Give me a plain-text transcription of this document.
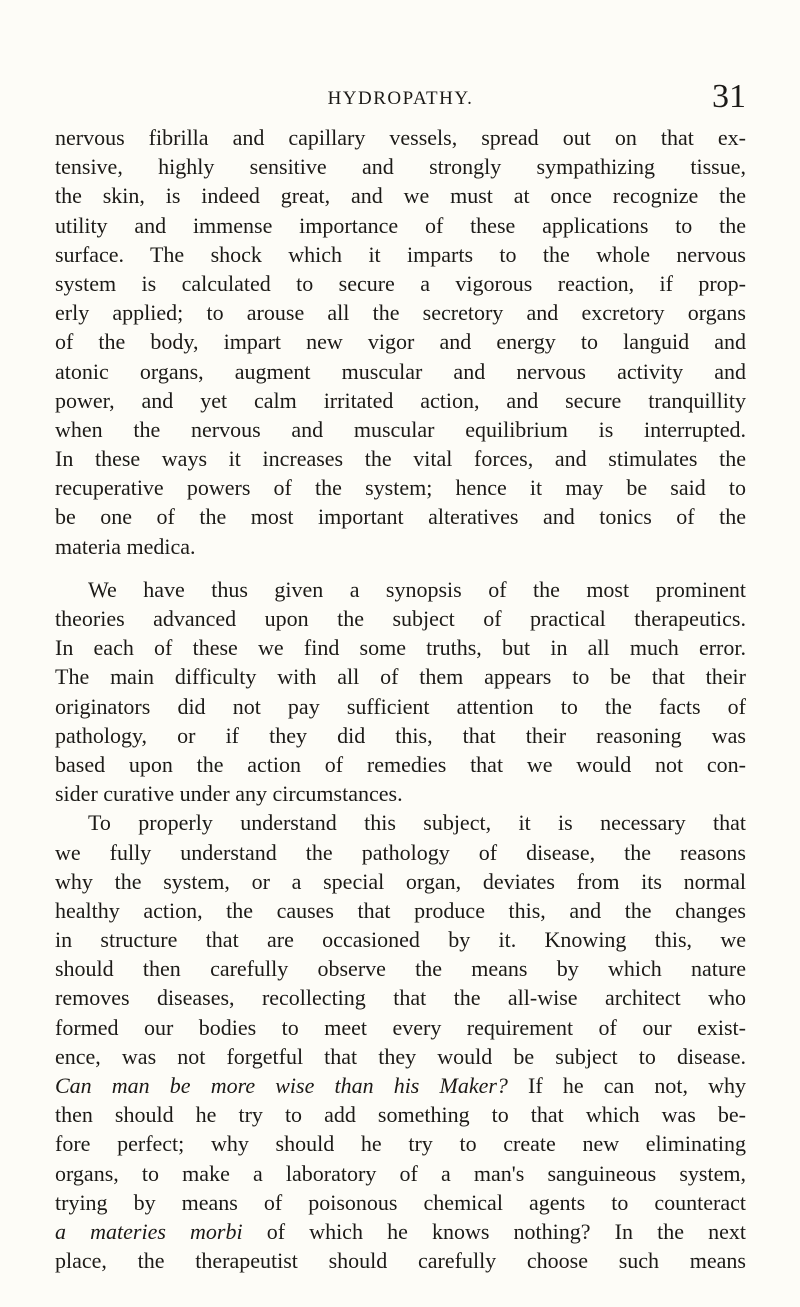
HYDROPATHY.	31
nervous fibrilla and capillary vessels, spread out on that ex-
tensive, highly sensitive and strongly sympathizing tissue,
the skin, is indeed great, and we must at once recognize the
utility and immense importance of these applications to the
surface. The shock which it imparts to the whole nervous
system is calculated to secure a vigorous reaction, if prop-
erly applied; to arouse all the secretory and excretory organs
of the body, impart new vigor and energy to languid and
atonic organs, augment muscular and nervous activity and
power, and yet calm irritated action, and secure tranquillity
when the nervous and muscular equilibrium is interrupted.
In these ways it increases the vital forces, and stimulates the
recuperative powers of the system; hence it may be said to
be one of the most important alteratives and tonics of the
materia medica.
We have thus given a synopsis of the most prominent
theories advanced upon the subject of practical therapeutics.
In each of these we find some truths, but in all much error.
The main difficulty with all of them appears to be that their
originators did not pay sufficient attention to the facts of
pathology, or if they did this, that their reasoning was
based upon the action of remedies that we would not con-
sider curative under any circumstances.
To properly understand this subject, it is necessary that
we fully understand the pathology of disease, the reasons
why the system, or a special organ, deviates from its normal
healthy action, the causes that produce this, and the changes
in structure that are occasioned by it. Knowing this, we
should then carefully observe the means by which nature
removes diseases, recollecting that the all-wise architect who
formed our bodies to meet every requirement of our exist-
ence, was not forgetful that they would be subject to disease.
Can man be more wise than his Maker? If he can not, why
then should he try to add something to that which was be-
fore perfect; why should he try to create new eliminating
organs, to make a laboratory of a man's sanguineous system,
trying by means of poisonous chemical agents to counteract
a materies morbi of which he knows nothing? In the next
place, the therapeutist should carefully choose such means
